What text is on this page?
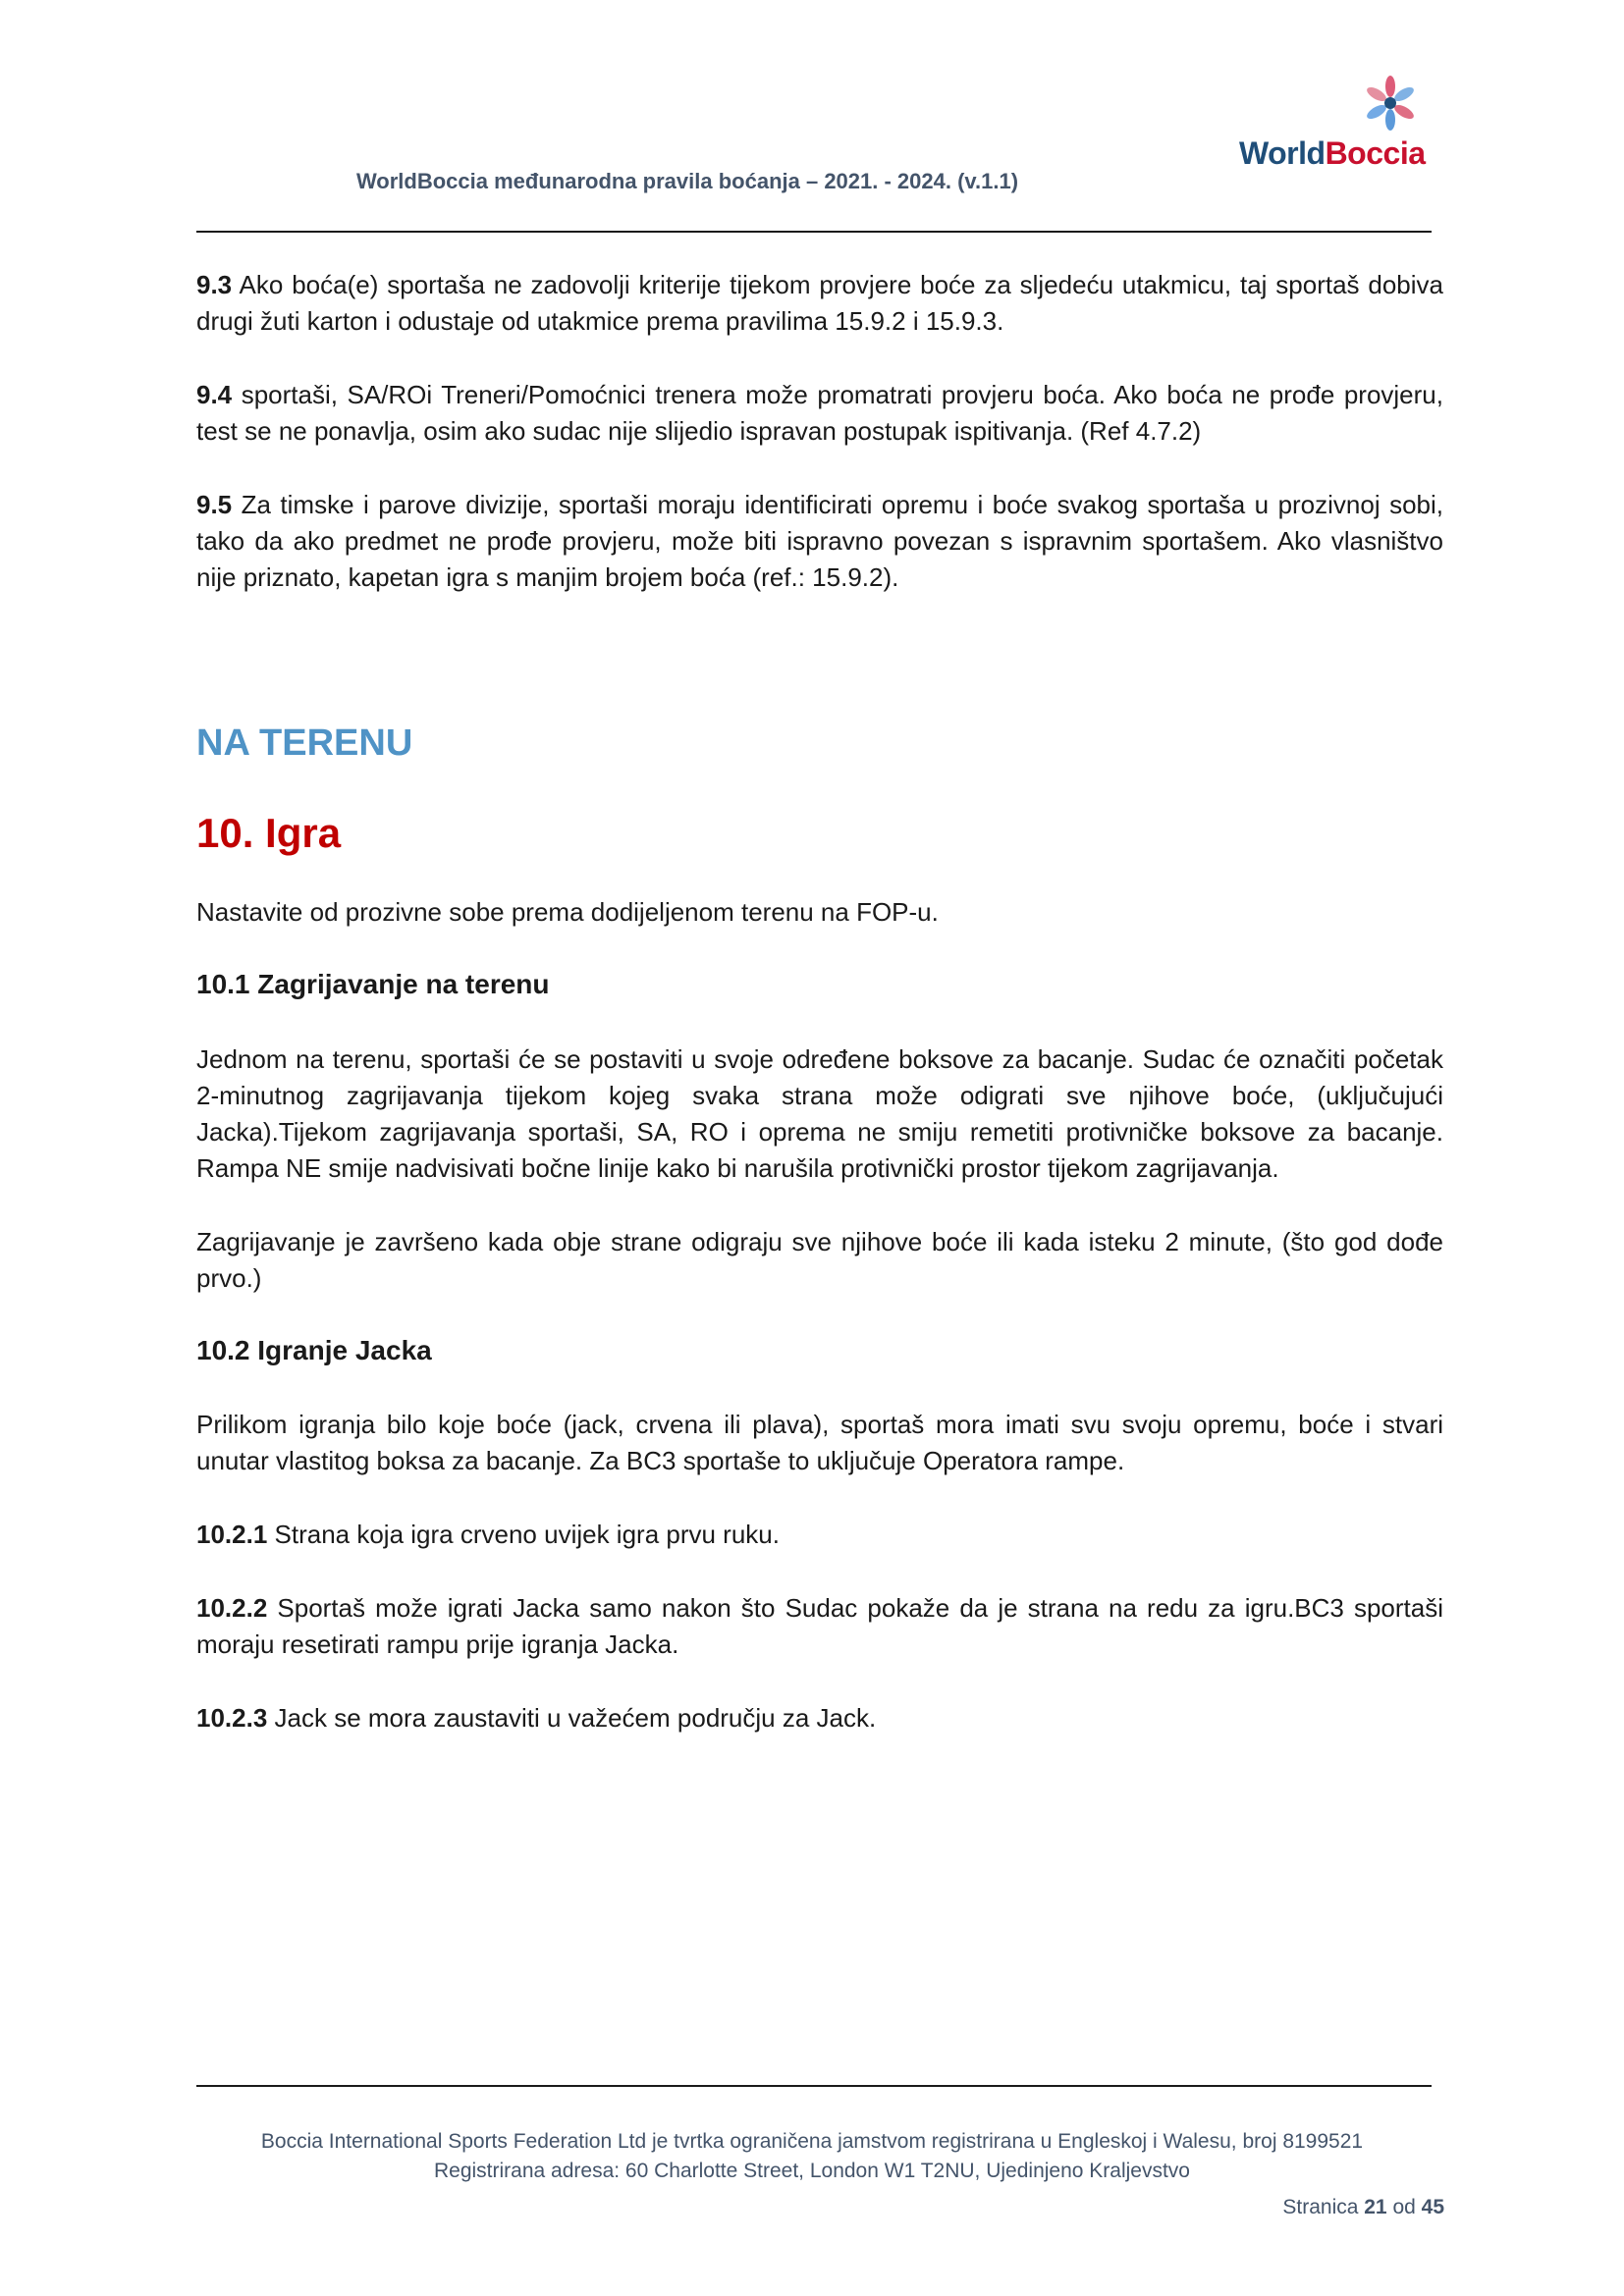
WorldBoccia međunarodna pravila boćanja – 2021. - 2024. (v.1.1)
WorldBoccia

9.3 Ako boća(e) sportaša ne zadovolji kriterije tijekom provjere boće za sljedeću utakmicu, taj sportaš dobiva drugi žuti karton i odustaje od utakmice prema pravilima 15.9.2 i 15.9.3.

9.4 sportaši, SA/ROi Treneri/Pomoćnici trenera može promatrati provjeru boća. Ako boća ne prođe provjeru, test se ne ponavlja, osim ako sudac nije slijedio ispravan postupak ispitivanja. (Ref 4.7.2)

9.5 Za timske i parove divizije, sportaši moraju identificirati opremu i boće svakog sportaša u prozivnoj sobi, tako da ako predmet ne prođe provjeru, može biti ispravno povezan s ispravnim sportašem. Ako vlasništvo nije priznato, kapetan igra s manjim brojem boća (ref.: 15.9.2).

NA TERENU
10. Igra

Nastavite od prozivne sobe prema dodijeljenom terenu na FOP-u.

10.1 Zagrijavanje na terenu

Jednom na terenu, sportaši će se postaviti u svoje određene boksove za bacanje. Sudac će označiti početak 2-minutnog zagrijavanja tijekom kojeg svaka strana može odigrati sve njihove boće, (uključujući Jacka).Tijekom zagrijavanja sportaši, SA, RO i oprema ne smiju remetiti protivničke boksove za bacanje. Rampa NE smije nadvisivati bočne linije kako bi narušila protivnički prostor tijekom zagrijavanja.

Zagrijavanje je završeno kada obje strane odigraju sve njihove boće ili kada isteku 2 minute, (što god dođe prvo.)

10.2 Igranje Jacka

Prilikom igranja bilo koje boće (jack, crvena ili plava), sportaš mora imati svu svoju opremu, boće i stvari unutar vlastitog boksa za bacanje. Za BC3 sportaše to uključuje Operatora rampe.

10.2.1 Strana koja igra crveno uvijek igra prvu ruku.

10.2.2 Sportaš može igrati Jacka samo nakon što Sudac pokaže da je strana na redu za igru.BC3 sportaši moraju resetirati rampu prije igranja Jacka.

10.2.3 Jack se mora zaustaviti u važećem području za Jack.

Boccia International Sports Federation Ltd je tvrtka ograničena jamstvom registrirana u Engleskoj i Walesu, broj 8199521
Registrirana adresa: 60 Charlotte Street, London W1 T2NU, Ujedinjeno Kraljevstvo
Stranica 21 od 45
